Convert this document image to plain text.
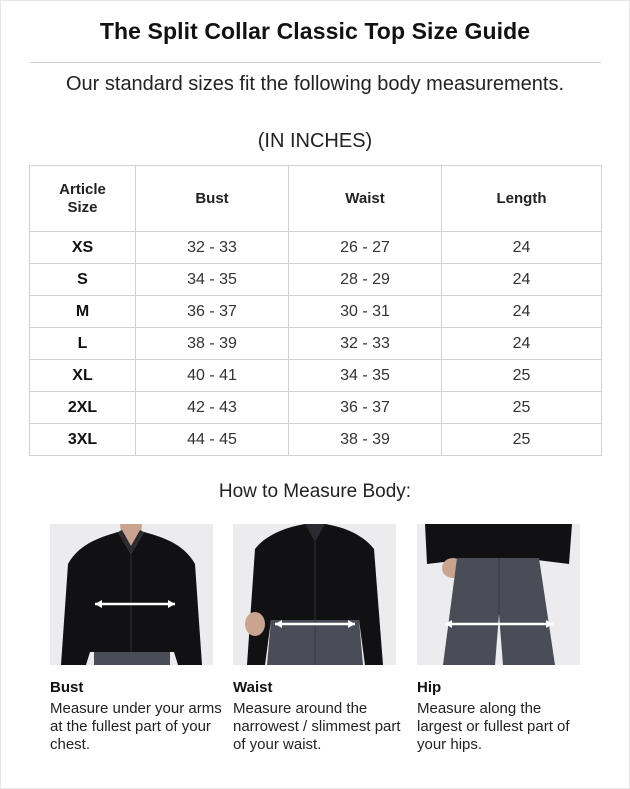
The Split Collar Classic Top Size Guide
Our standard sizes fit the following body measurements.
(IN INCHES)
Article
Size	Bust	Waist	Length
XS	32 - 33	26 - 27	24
S	34 - 35	28 - 29	24
M	36 - 37	30 - 31	24
L	38 - 39	32 - 33	24
XL	40 - 41	34 - 35	25
2XL	42 - 43	36 - 37	25
3XL	44 - 45	38 - 39	25
How to Measure Body:
Bust
Measure under your arms at the fullest part of your chest.
Waist
Measure around the narrowest / slimmest part of your waist.
Hip
Measure along the largest or fullest part of your hips.
